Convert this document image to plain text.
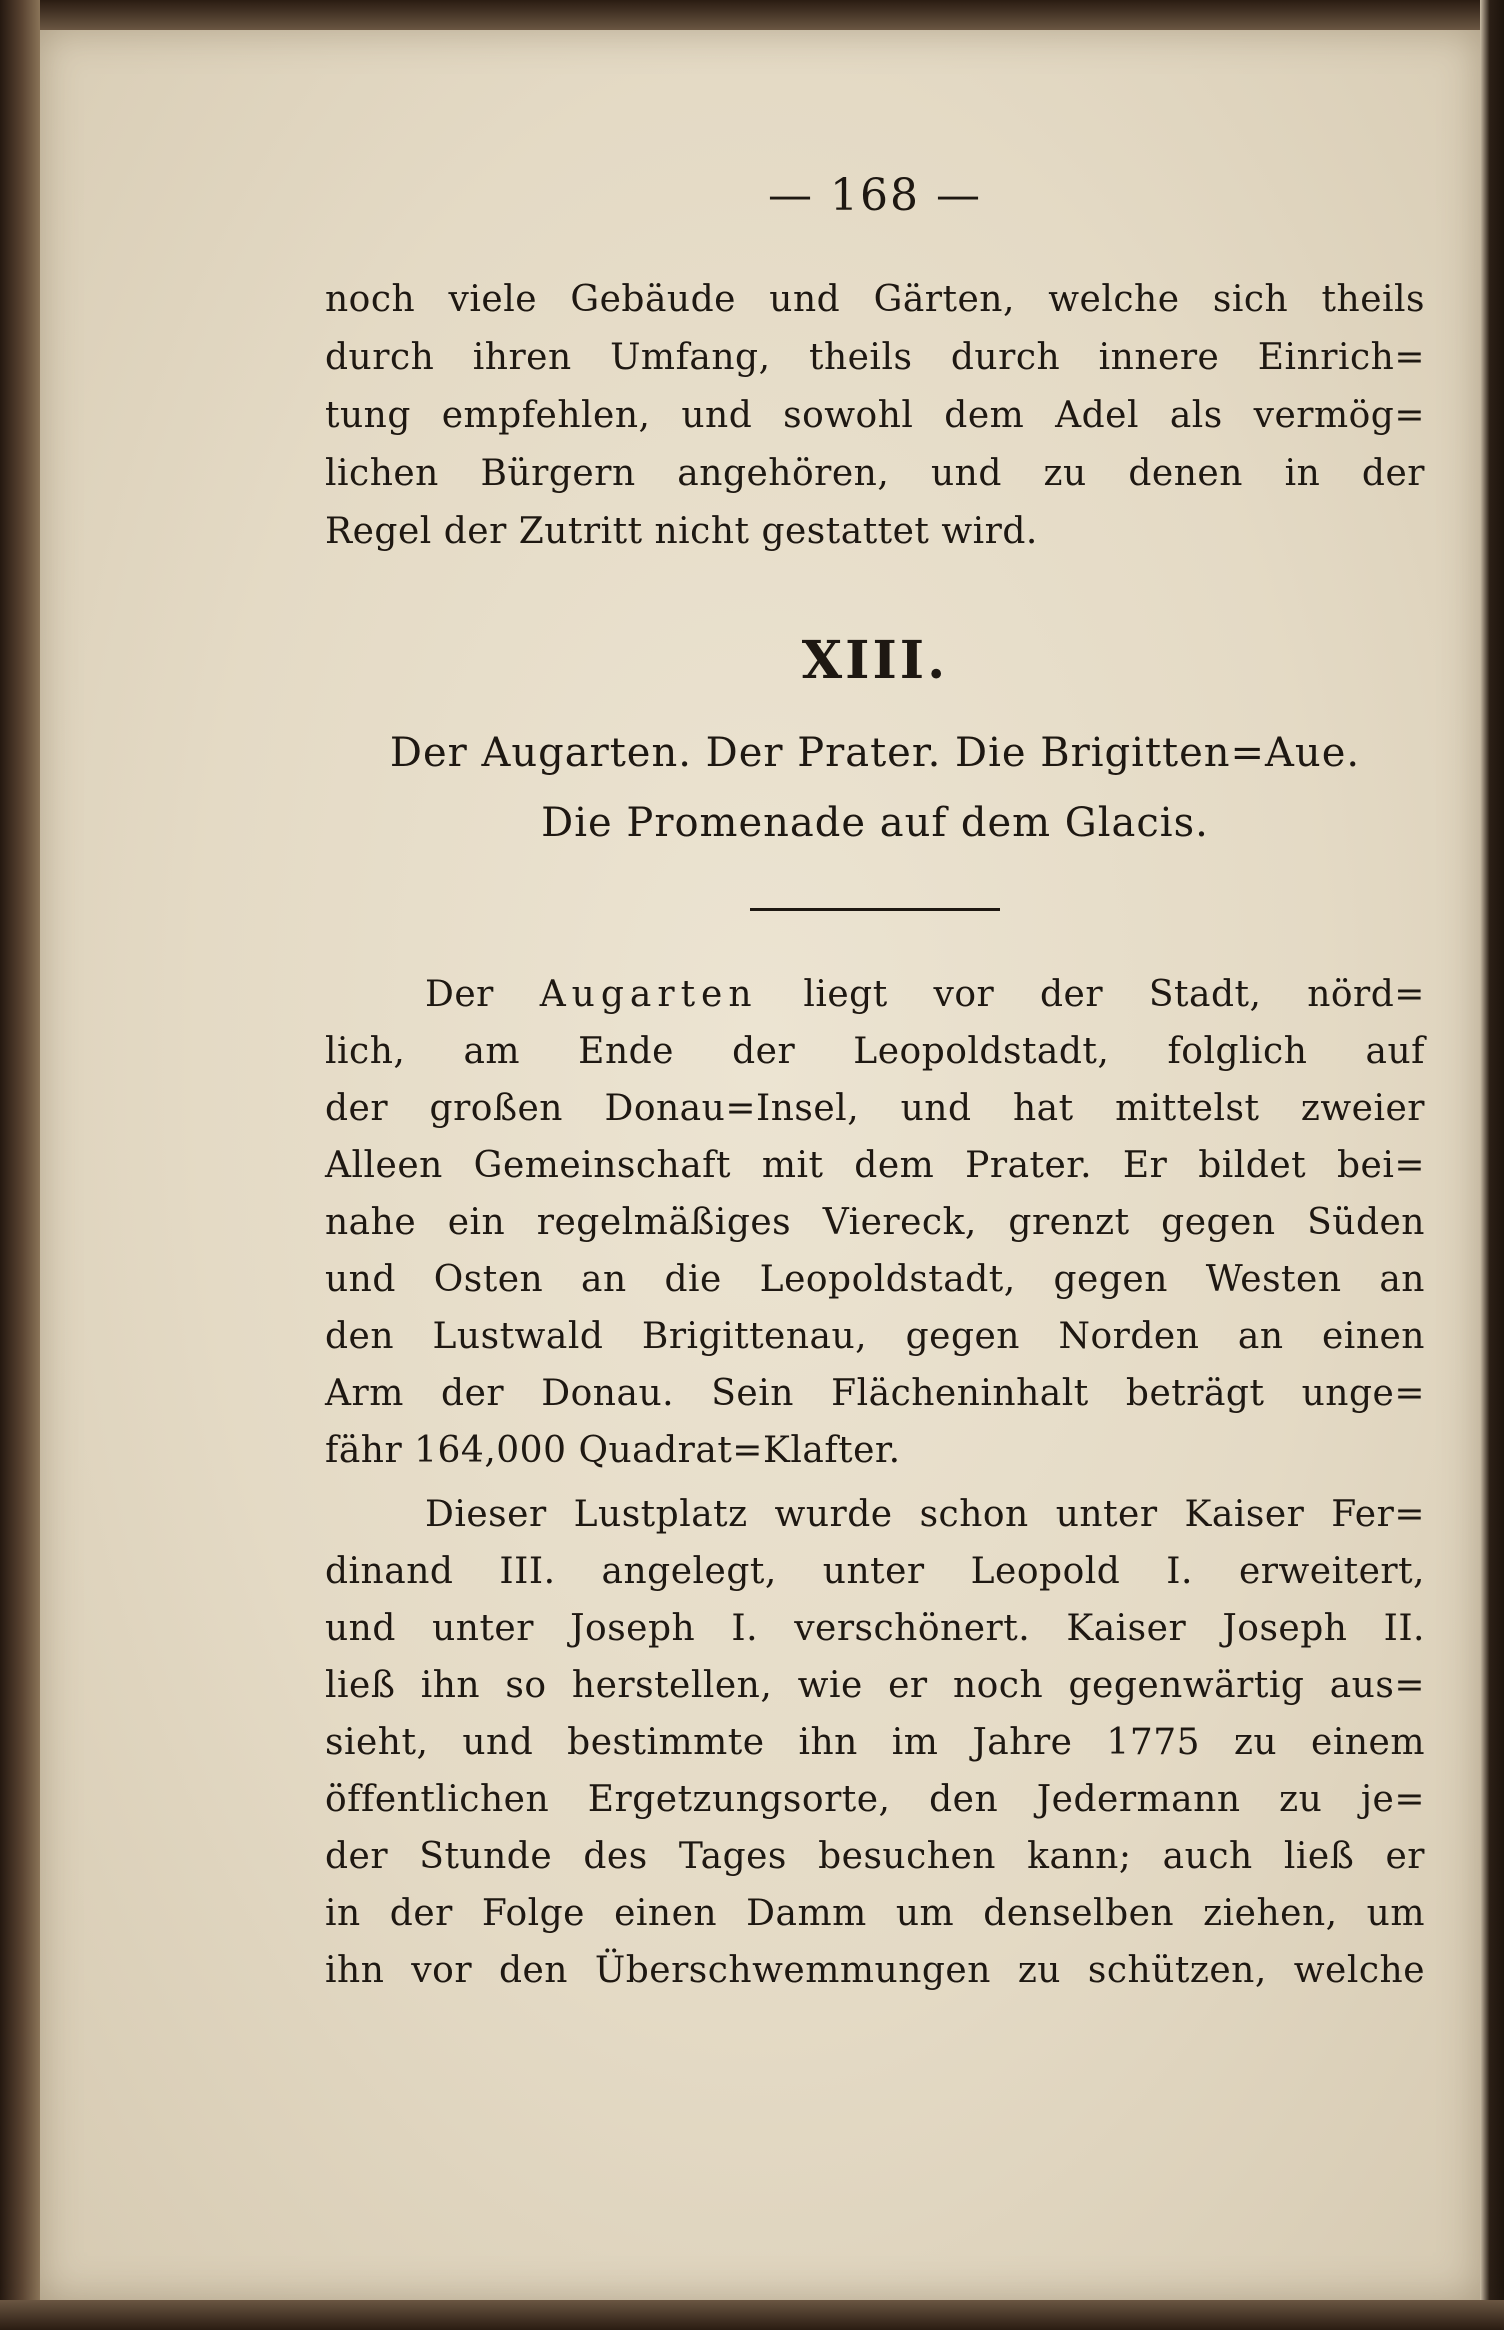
— 168 —
noch viele Gebäude und Gärten, welche sich theils
durch ihren Umfang, theils durch innere Einrich=
tung empfehlen, und sowohl dem Adel als vermög=
lichen Bürgern angehören, und zu denen in der
Regel der Zutritt nicht gestattet wird.
XIII.
Der Augarten. Der Prater. Die Brigitten=Aue.
Die Promenade auf dem Glacis.
Der Augarten liegt vor der Stadt, nörd=
lich, am Ende der Leopoldstadt, folglich auf
der großen Donau=Insel, und hat mittelst zweier
Alleen Gemeinschaft mit dem Prater. Er bildet bei=
nahe ein regelmäßiges Viereck, grenzt gegen Süden
und Osten an die Leopoldstadt, gegen Westen an
den Lustwald Brigittenau, gegen Norden an einen
Arm der Donau. Sein Flächeninhalt beträgt unge=
fähr 164,000 Quadrat=Klafter.
Dieser Lustplatz wurde schon unter Kaiser Fer=
dinand III. angelegt, unter Leopold I. erweitert,
und unter Joseph I. verschönert. Kaiser Joseph II.
ließ ihn so herstellen, wie er noch gegenwärtig aus=
sieht, und bestimmte ihn im Jahre 1775 zu einem
öffentlichen Ergetzungsorte, den Jedermann zu je=
der Stunde des Tages besuchen kann; auch ließ er
in der Folge einen Damm um denselben ziehen, um
ihn vor den Überschwemmungen zu schützen, welche
